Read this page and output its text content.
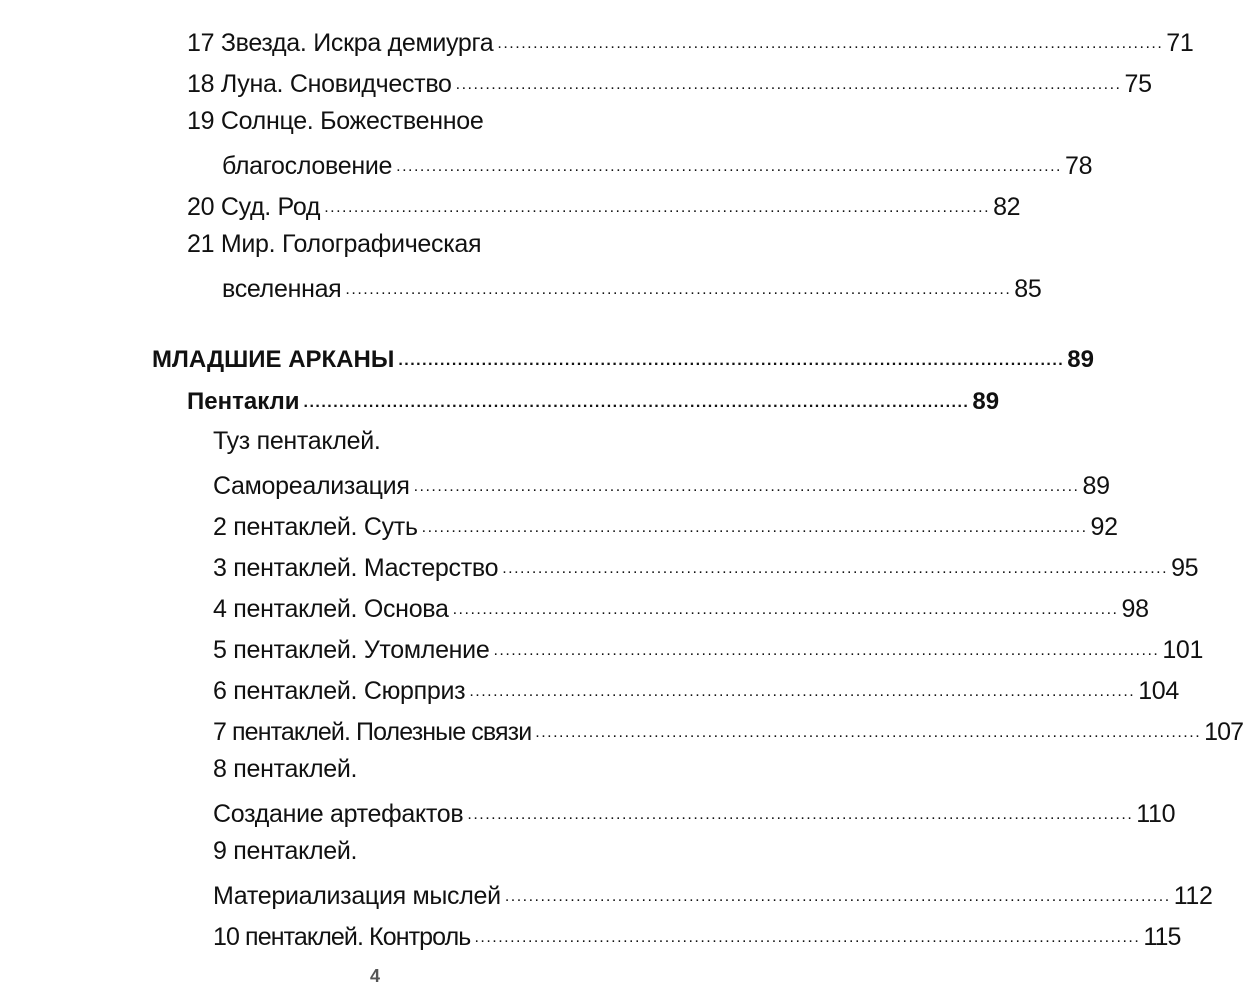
17 Звезда. Искра демиурга ................................................................................................................ 71
18 Луна. Сновидчество ................................................................................................................ 75
19 Солнце. Божественное
благословение ................................................................................................................ 78
20 Суд. Род ................................................................................................................ 82
21 Мир. Голографическая
вселенная ................................................................................................................ 85
МЛАДШИЕ АРКАНЫ ................................................................................................................ 89
Пентакли ................................................................................................................ 89
Туз пентаклей.
Самореализация ................................................................................................................ 89
2 пентаклей. Суть ................................................................................................................ 92
3 пентаклей. Мастерство ................................................................................................................ 95
4 пентаклей. Основа ................................................................................................................ 98
5 пентаклей. Утомление ................................................................................................................ 101
6 пентаклей. Сюрприз ................................................................................................................ 104
7 пентаклей. Полезные связи ................................................................................................................ 107
8 пентаклей.
Создание артефактов ................................................................................................................ 110
9 пентаклей.
Материализация мыслей ................................................................................................................ 112
10 пентаклей. Контроль ................................................................................................................ 115
4
